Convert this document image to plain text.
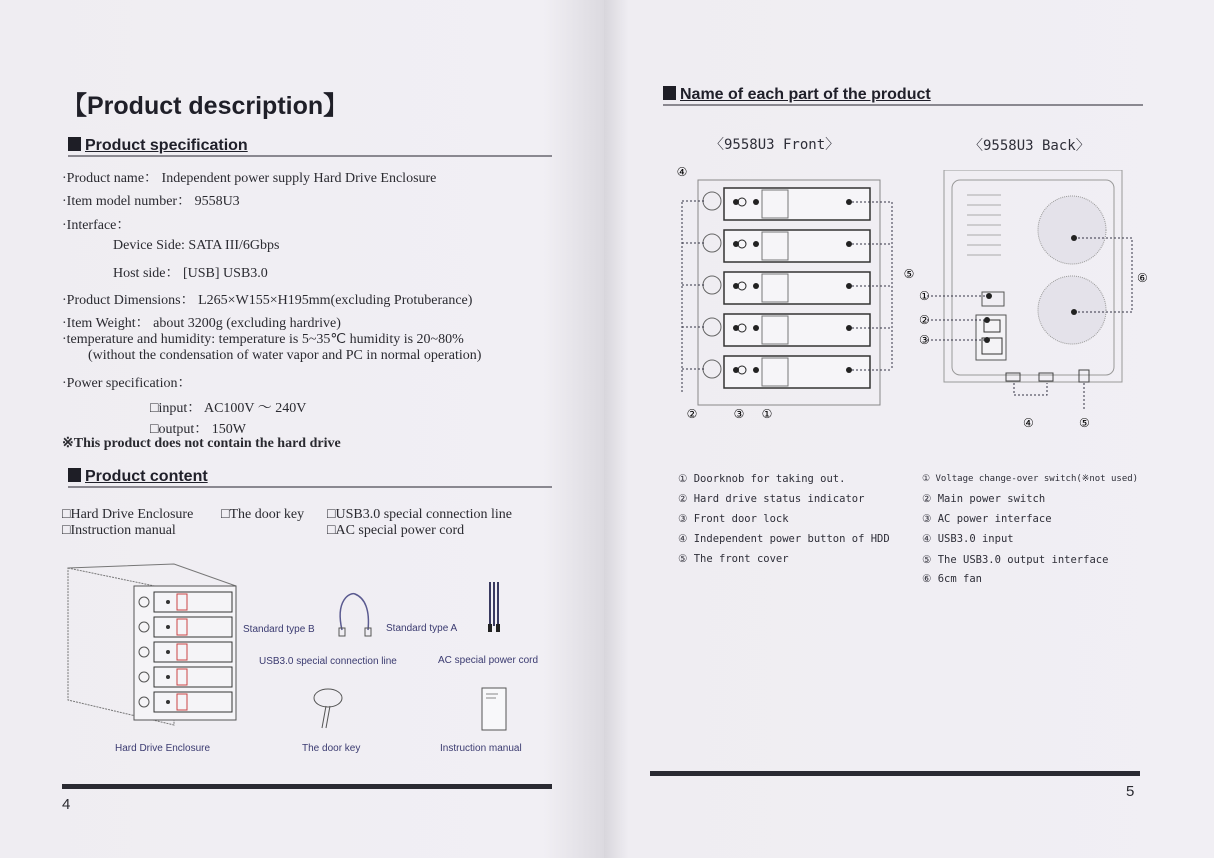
【Product description】
Product specification
·Product name： Independent power supply Hard Drive Enclosure
·Item model number： 9558U3
·Interface：
Device Side: SATA III/6Gbps
Host side： [USB] USB3.0
·Product Dimensions： L265×W155×H195mm(excluding Protuberance)
·Item Weight： about 3200g (excluding hardrive)
·temperature and humidity: temperature is 5~35℃ humidity is 20~80%
(without the condensation of water vapor and PC in normal operation)
·Power specification：
□input： AC100V ～ 240V
□output： 150W
※This product does not contain the hard drive
Product content
□Hard Drive Enclosure □The door key □USB3.0 special connection line
□Instruction manual	□AC special power cord
Standard type B	Standard type A
USB3.0 special connection line	AC special power cord
Hard Drive Enclosure	The door key	Instruction manual
4
Name of each part of the product
〈9558U3 Front〉	〈9558U3 Back〉
④
②	③ ①
⑤
①
②
③
④	⑤
⑥
① Doorknob for taking out.
② Hard drive status indicator
③ Front door lock
④ Independent power button of HDD
⑤ The front cover
① Voltage change-over switch(※not used)
② Main power switch
③ AC power interface
④ USB3.0 input
⑤ The USB3.0 output interface
⑥ 6cm fan
5
